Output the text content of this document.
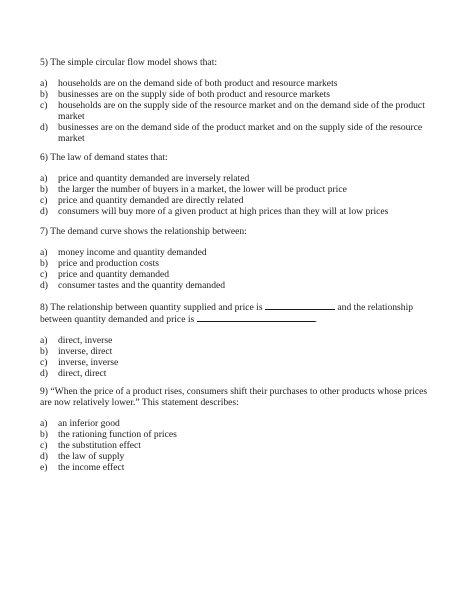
5) The simple circular flow model shows that:

a)	households are on the demand side of both product and resource markets
b)	businesses are on the supply side of both product and resource markets
c)	households are on the supply side of the resource market and on the demand side of the product market
d)	businesses are on the demand side of the product market and on the supply side of the resource market

6) The law of demand states that:

a)	price and quantity demanded are inversely related
b)	the larger the number of buyers in a market, the lower will be product price
c)	price and quantity demanded are directly related
d)	consumers will buy more of a given product at high prices than they will at low prices

7) The demand curve shows the relationship between:

a)	money income and quantity demanded
b)	price and production costs
c)	price and quantity demanded
d)	consumer tastes and the quantity demanded

8) The relationship between quantity supplied and price is	and the relationship between quantity demanded and price is	.

a)	direct, inverse
b)	inverse, direct
c)	inverse, inverse
d)	direct, direct

9) “When the price of a product rises, consumers shift their purchases to other products whose prices are now relatively lower.” This statement describes:

a)	an inferior good
b)	the rationing function of prices
c)	the substitution effect
d)	the law of supply
e)	the income effect
